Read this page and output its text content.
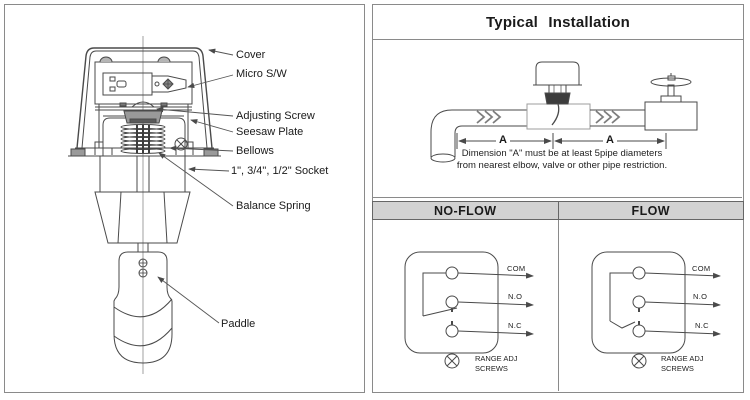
Typical Installation
NO-FLOW	FLOW
Cover
Micro S/W
Adjusting Screw
Seesaw Plate
Bellows
1", 3/4", 1/2" Socket
Balance Spring
Paddle
A	A
Dimension "A" must be at least 5pipe diameters
from nearest elbow, valve or other pipe restriction.
COM
N.O
N.C
RANGE ADJ
SCREWS
COM
N.O
N.C
RANGE ADJ
SCREWS
